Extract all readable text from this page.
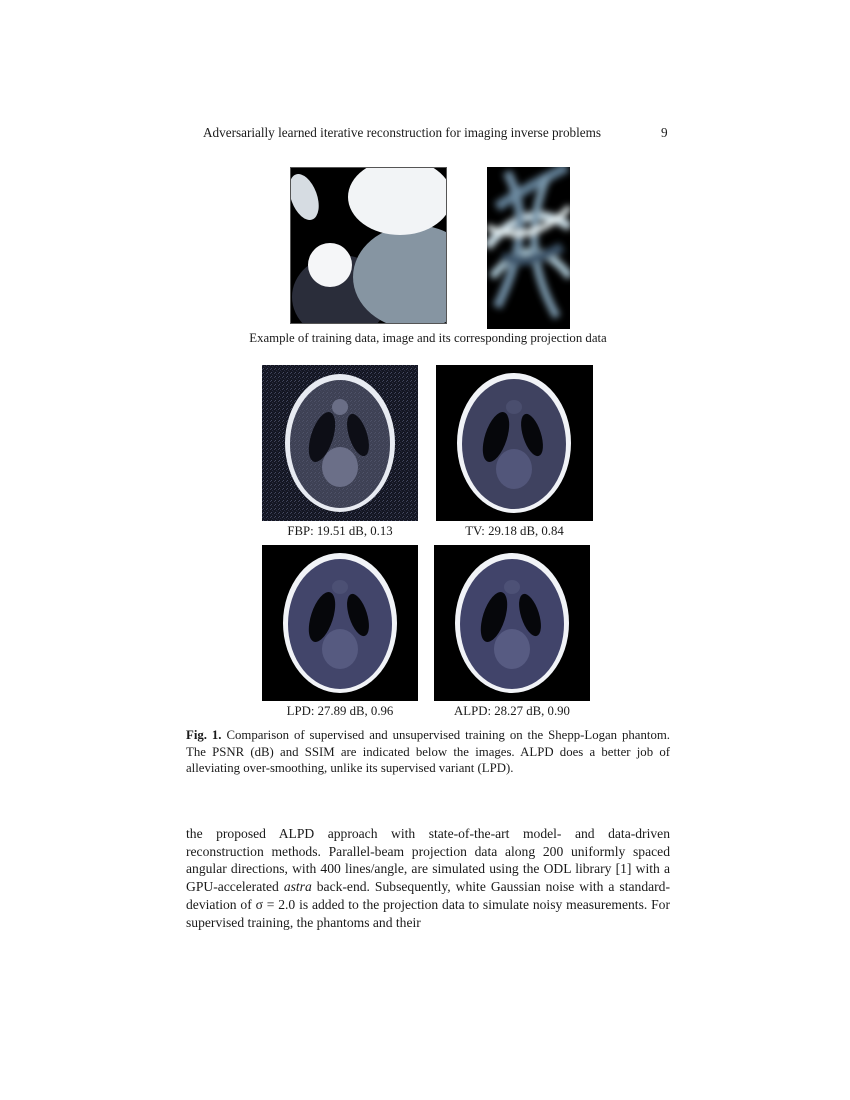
Adversarially learned iterative reconstruction for imaging inverse problems	9
Example of training data, image and its corresponding projection data
FBP: 19.51 dB, 0.13	TV: 29.18 dB, 0.84
LPD: 27.89 dB, 0.96	ALPD: 28.27 dB, 0.90
Fig. 1. Comparison of supervised and unsupervised training on the Shepp-Logan phantom. The PSNR (dB) and SSIM are indicated below the images. ALPD does a better job of alleviating over-smoothing, unlike its supervised variant (LPD).
the proposed ALPD approach with state-of-the-art model- and data-driven reconstruction methods. Parallel-beam projection data along 200 uniformly spaced angular directions, with 400 lines/angle, are simulated using the ODL library [1] with a GPU-accelerated astra back-end. Subsequently, white Gaussian noise with a standard-deviation of σ = 2.0 is added to the projection data to simulate noisy measurements. For supervised training, the phantoms and their
